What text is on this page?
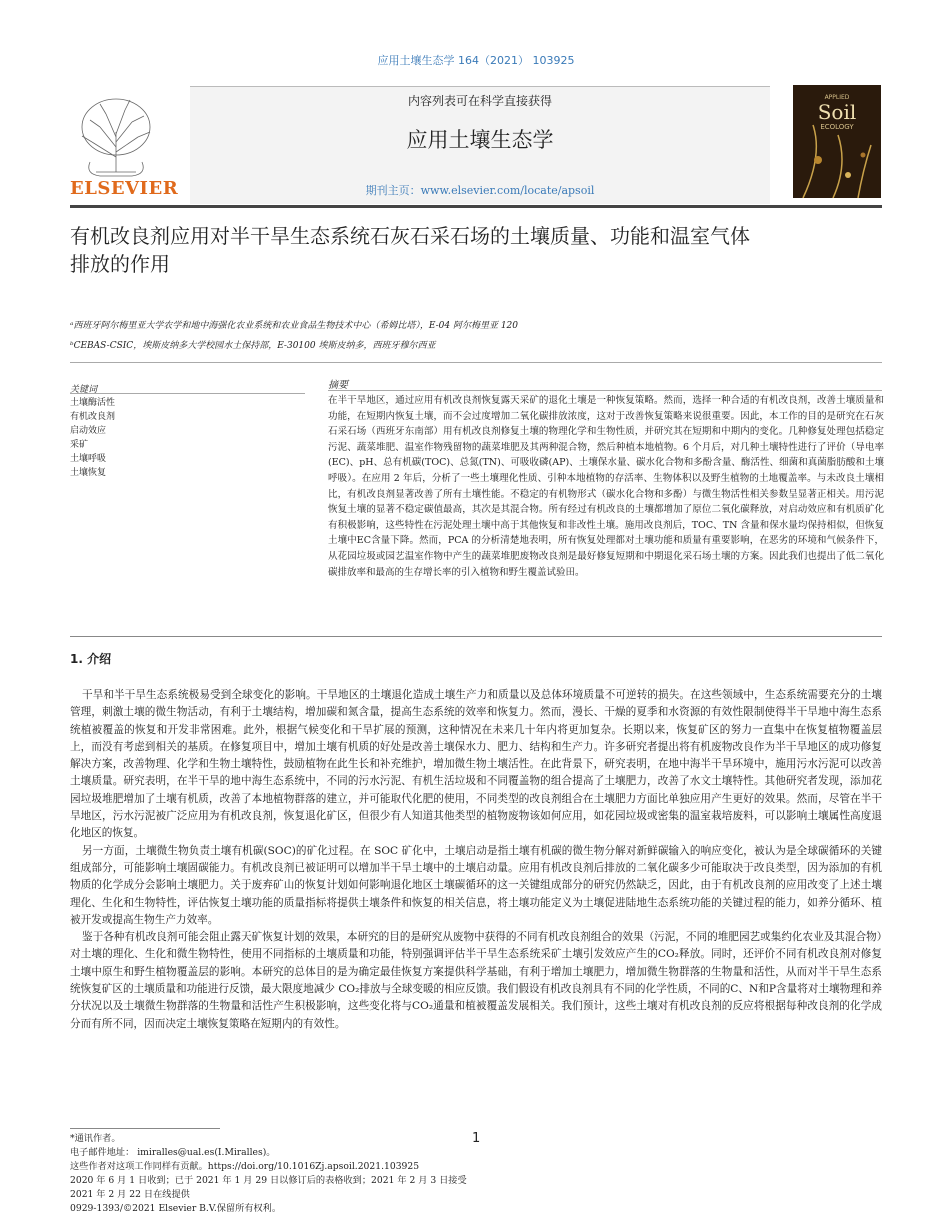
应用土壤生态学 164（2021） 103925
ELSEVIER
内容列表可在科学直接获得
应用土壤生态学
期刊主页：www.elsevier.com/locate/apsoil
APPLIED
Soil
ECOLOGY
有机改良剂应用对半干旱生态系统石灰石采石场的土壤质量、功能和温室气体
排放的作用
ᵃ西班牙阿尔梅里亚大学农学和地中海强化农业系统和农业食品生物技术中心（希姆比塔），E-04 阿尔梅里亚 120
ᵇCEBAS-CSIC，埃斯皮纳多大学校园水土保持部，E-30100 埃斯皮纳多，西班牙穆尔西亚
关键词
土壤酶活性
有机改良剂
启动效应
采矿
土壤呼吸
土壤恢复
摘要
在半干旱地区，通过应用有机改良剂恢复露天采矿的退化土壤是一种恢复策略。然而，选择一种合适的有机改良剂，改善土壤质量和功能，在短期内恢复土壤，而不会过度增加二氧化碳排放浓度，这对于改善恢复策略来说很重要。因此，本工作的目的是研究在石灰石采石场（西班牙东南部）用有机改良剂修复土壤的物理化学和生物性质，并研究其在短期和中期内的变化。几种修复处理包括稳定污泥、蔬菜堆肥、温室作物残留物的蔬菜堆肥及其两种混合物，然后种植本地植物。6 个月后，对几种土壤特性进行了评价（导电率(EC)、pH、总有机碳(TOC)、总氮(TN)、可吸收磷(AP)、土壤保水量、碳水化合物和多酚含量、酶活性、细菌和真菌脂肪酸和土壤呼吸）。在应用 2 年后，分析了一些土壤理化性质、引种本地植物的存活率、生物体积以及野生植物的土地覆盖率。与未改良土壤相比，有机改良剂显著改善了所有土壤性能。不稳定的有机物形式（碳水化合物和多酚）与微生物活性相关参数呈显著正相关。用污泥恢复土壤的显著不稳定碳值最高，其次是其混合物。所有经过有机改良的土壤都增加了原位二氧化碳释放，对启动效应和有机质矿化有积极影响，这些特性在污泥处理土壤中高于其他恢复和非改性土壤。施用改良剂后，TOC、TN 含量和保水量均保持相似，但恢复土壤中EC含量下降。然而，PCA 的分析清楚地表明，所有恢复处理都对土壤功能和质量有重要影响，在恶劣的环境和气候条件下，从花园垃圾或园艺温室作物中产生的蔬菜堆肥废物改良剂是最好修复短期和中期退化采石场土壤的方案。因此我们也提出了低二氧化碳排放率和最高的生存增长率的引入植物和野生覆盖试验田。
1. 介绍

干旱和半干旱生态系统极易受到全球变化的影响。干旱地区的土壤退化造成土壤生产力和质量以及总体环境质量不可逆转的损失。在这些领域中，生态系统需要充分的土壤管理，刺激土壤的微生物活动，有利于土壤结构，增加碳和氮含量，提高生态系统的效率和恢复力。然而，漫长、干燥的夏季和水资源的有效性限制使得半干旱地中海生态系统植被覆盖的恢复和开发非常困难。此外，根据气候变化和干旱扩展的预测，这种情况在未来几十年内将更加复杂。长期以来，恢复矿区的努力一直集中在恢复植物覆盖层上，而没有考虑到相关的基质。在修复项目中，增加土壤有机质的好处是改善土壤保水力、肥力、结构和生产力。许多研究者提出将有机废物改良作为半干旱地区的成功修复解决方案，改善物理、化学和生物土壤特性，鼓励植物在此生长和补充维护，增加微生物土壤活性。在此背景下，研究表明，在地中海半干旱环境中，施用污水污泥可以改善土壤质量。研究表明，在半干旱的地中海生态系统中，不同的污水污泥、有机生活垃圾和不同覆盖物的组合提高了土壤肥力，改善了水文土壤特性。其他研究者发现，添加花园垃圾堆肥增加了土壤有机质，改善了本地植物群落的建立，并可能取代化肥的使用，不同类型的改良剂组合在土壤肥力方面比单独应用产生更好的效果。然而，尽管在半干旱地区，污水污泥被广泛应用为有机改良剂，恢复退化矿区，但很少有人知道其他类型的植物废物该如何应用，如花园垃圾或密集的温室栽培废料，可以影响土壤属性高度退化地区的恢复。

另一方面，土壤微生物负责土壤有机碳(SOC)的矿化过程。在 SOC 矿化中，土壤启动是指土壤有机碳的微生物分解对新鲜碳输入的响应变化，被认为是全球碳循环的关键组成部分，可能影响土壤固碳能力。有机改良剂已被证明可以增加半干旱土壤中的土壤启动量。应用有机改良剂后排放的二氧化碳多少可能取决于改良类型，因为添加的有机物质的化学成分会影响土壤肥力。关于废弃矿山的恢复计划如何影响退化地区土壤碳循环的这一关键组成部分的研究仍然缺乏，因此，由于有机改良剂的应用改变了上述土壤理化、生化和生物特性，评估恢复土壤功能的质量指标将提供土壤条件和恢复的相关信息，将土壤功能定义为土壤促进陆地生态系统功能的关键过程的能力，如养分循环、植被开发或提高生物生产力效率。

鉴于各种有机改良剂可能会阻止露天矿恢复计划的效果，本研究的目的是研究从废物中获得的不同有机改良剂组合的效果（污泥，不同的堆肥园艺或集约化农业及其混合物）对土壤的理化、生化和微生物特性，使用不同指标的土壤质量和功能，特别强调评估半干旱生态系统采矿土壤引发效应产生的CO₂释放。同时，还评价不同有机改良剂对修复土壤中原生和野生植物覆盖层的影响。本研究的总体目的是为确定最佳恢复方案提供科学基础，有利于增加土壤肥力，增加微生物群落的生物量和活性，从而对半干旱生态系统恢复矿区的土壤质量和功能进行反馈，最大限度地减少 CO₂排放与全球变暖的相应反馈。我们假设有机改良剂具有不同的化学性质，不同的C、N和P含量将对土壤物理和养分状况以及土壤微生物群落的生物量和活性产生积极影响，这些变化将与CO₂通量和植被覆盖发展相关。我们预计，这些土壤对有机改良剂的反应将根据每种改良剂的化学成分而有所不同，因而决定土壤恢复策略在短期内的有效性。

*通讯作者。
电子邮件地址： imiralles@ual.es(I.Miralles)。
这些作者对这项工作同样有贡献。https://doi.org/10.1016Zj.apsoil.2021.103925
2020 年 6 月 1 日收到；已于 2021 年 1 月 29 日以修订后的表格收到；2021 年 2 月 3 日接受
2021 年 2 月 22 日在线提供
0929-1393/©2021 Elsevier B.V.保留所有权利。
1
